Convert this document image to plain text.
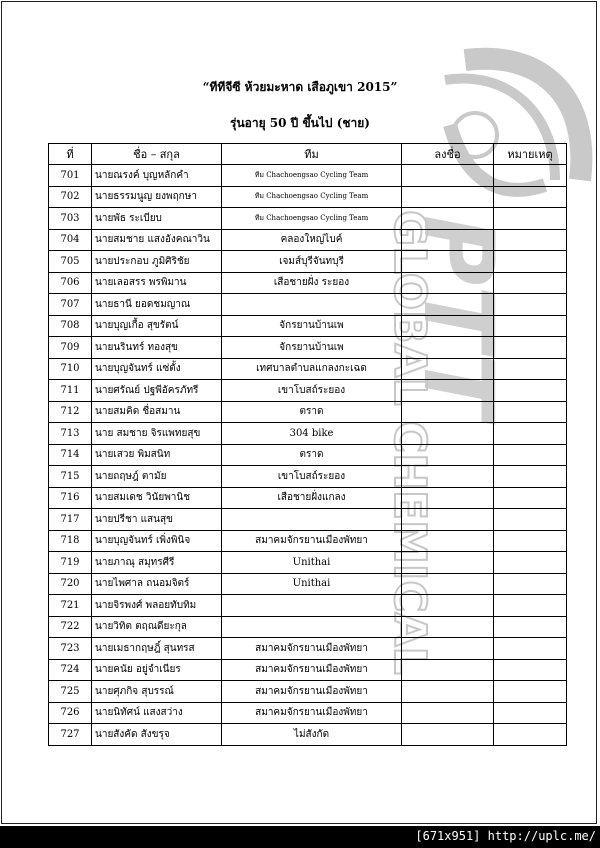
PTT
GLOBAL CHEMICAL
“ทีทีจีซี ห้วยมะหาด เสือภูเขา 2015”
รุ่นอายุ 50 ปี ขึ้นไป (ชาย)
ที่	ชื่อ – สกุล	ทีม	ลงชื่อ	หมายเหตุ
701	นายณรงค์ บุญหลักคำ	ทีม Chachoengsao Cycling Team		
702	นายธรรมนูญ ยงพฤกษา	ทีม Chachoengsao Cycling Team		
703	นายพัธ ระเบียบ	ทีม Chachoengsao Cycling Team		
704	นายสมชาย แสงอังคณาวิน	คลองใหญ่ไบค์		
705	นายประกอบ ภูมิศิริชัย	เจมส์บุรีจันทบุรี		
706	นายเลอสรร พรพิมาน	เสือชายฝั่ง ระยอง		
707	นายธานี ยอดชมญาณ			
708	นายบุญเกื้อ สุขรัตน์	จักรยานบ้านเพ		
709	นายนรินทร์ ทองสุข	จักรยานบ้านเพ		
710	นายบุญจันทร์ แซ่ตั้ง	เทศบาลตำบลแกลงกะเฉด		
711	นายศรัณย์ ปฐพีอัครภัทรี	เขาโบสถ์ระยอง		
712	นายสมคิด ชื่อสมาน	ตราด		
713	นาย สมชาย จิรแพทยสุข	304 bike		
714	นายเสวย พิมสนิท	ตราด		
715	นายถฤษฎ์ ตามัย	เขาโบสถ์ระยอง		
716	นายสมเดช วินัยพานิช	เสือชายฝั่งแกลง		
717	นายปรีชา แสนสุข			
718	นายบุญจันทร์ เพิ่งพินิจ	สมาคมจักรยานเมืองพัทยา		
719	นายภาณุ สมุทรศีรี	Unithai		
720	นายไพศาล ถนอมจิตร์	Unithai		
721	นายจิรพงศ์ พลอยทับทิม			
722	นายวิทิต ตฤณดียะกุล			
723	นายเมธากฤษฎิ์ สุนทรส	สมาคมจักรยานเมืองพัทยา		
724	นายคนัย อยู่จำเนียร	สมาคมจักรยานเมืองพัทยา		
725	นายศุภกิจ สุบรรณ์	สมาคมจักรยานเมืองพัทยา		
726	นายนิทัศน์ แสงสว่าง	สมาคมจักรยานเมืองพัทยา		
727	นายสังคัด สังขรุจ	ไม่สังกัด		
[671x951] http://uplc.me/
